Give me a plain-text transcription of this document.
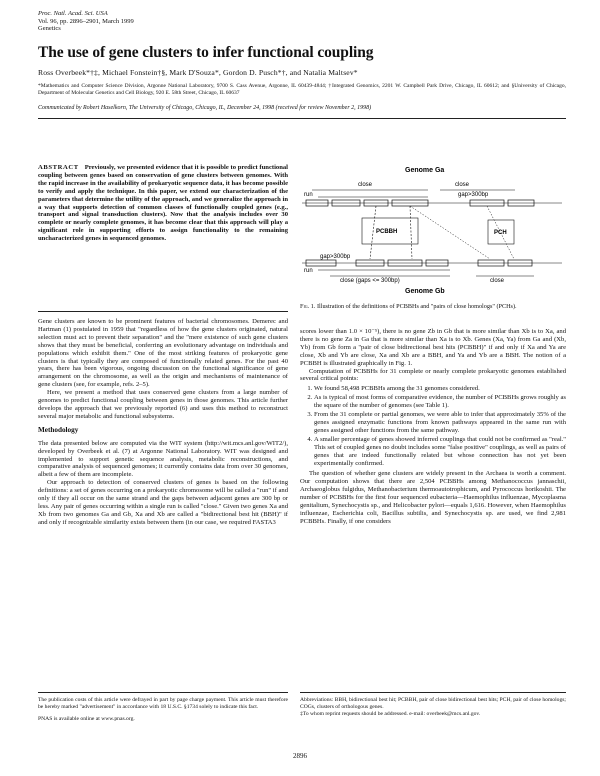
Proc. Natl. Acad. Sci. USA
Vol. 96, pp. 2896–2901, March 1999
Genetics
The use of gene clusters to infer functional coupling
Ross Overbeek*†‡, Michael Fonstein†§, Mark D'Souza*, Gordon D. Pusch*†, and Natalia Maltsev*
*Mathematics and Computer Science Division, Argonne National Laboratory, 9700 S. Cass Avenue, Argonne, IL 60439-4844; †Integrated Genomics, 2201 W. Campbell Park Drive, Chicago, IL 60612; and §University of Chicago, Department of Molecular Genetics and Cell Biology, 920 E. 58th Street, Chicago, IL 60637
Communicated by Robert Haselkorn, The University of Chicago, Chicago, IL, December 24, 1998 (received for review November 2, 1998)
ABSTRACT Previously, we presented evidence that it is possible to predict functional coupling between genes based on conservation of gene clusters between genomes. With the rapid increase in the availability of prokaryotic sequence data, it has become possible to verify and apply the technique. In this paper, we extend our characterization of the parameters that determine the utility of the approach, and we generalize the approach in a way that supports detection of common classes of functionally coupled genes (e.g., transport and signal transduction clusters). Now that the analysis includes over 30 complete or nearly complete genomes, it has become clear that this approach will play a significant role in supporting efforts to assign functionality to the remaining uncharacterized genes in sequenced genomes.

Gene clusters are known to be prominent features of bacterial chromosomes. Demerec and Hartman (1) postulated in 1959 that "regardless of how the gene clusters originated, natural selection must act to prevent their separation" and the "mere existence of such gene clusters shows that they must be beneficial, conferring an evolutionary advantage on individuals and populations which exhibit them." One of the most striking features of prokaryotic gene clusters is that typically they are composed of functionally related genes. For the past 40 years, there has been vigorous, ongoing discussion on the functional significance of gene arrangement on the chromosome, as well as the origin and mechanisms of maintenance of gene clusters (see, for example, refs. 2–5).

Here, we present a method that uses conserved gene clusters from a large number of genomes to predict functional coupling between genes in those genomes. This article further develops the approach that we previously reported (6) and uses this method to reconstruct several major metabolic and functional subsystems.

Methodology

The data presented below are computed via the WIT system (http://wit.mcs.anl.gov/WIT2/), developed by Overbeek et al. (7) at Argonne National Laboratory. WIT was designed and implemented to support genetic sequence analysis, metabolic reconstructions, and comparative analysis of sequenced genomes; it currently contains data from over 30 genomes, albeit a few of them are incomplete.

Our approach to detection of conserved clusters of genes is based on the following definitions: a set of genes occurring on a prokaryotic chromosome will be called a "run" if and only if they all occur on the same strand and the gaps between adjacent genes are 300 bp or less. Any pair of genes occurring within a single run is called "close." Given two genes Xa and Xb from two genomes Ga and Gb, Xa and Xb are called a "bidirectional best hit (BBH)" if and only if recognizable similarity exists between them (in our case, we required FASTA3

Genome Ga
close	close
run	gap>300bp
PCBBH	PCH
gap>300bp
run
close (gaps <= 300bp)	close
Genome Gb
Fig. 1. Illustration of the definitions of PCBBHs and "pairs of close homologs" (PCHs).

scores lower than 1.0 × 10⁻⁵), there is no gene Zb in Gb that is more similar than Xb is to Xa, and there is no gene Za in Ga that is more similar than Xa is to Xb. Genes (Xa, Ya) from Ga and (Xb, Yb) from Gb form a "pair of close bidirectional best hits (PCBBH)" if and only if Xa and Ya are close, Xb and Yb are close, Xa and Xb are a BBH, and Ya and Yb are a BBH. The notion of a PCBBH is illustrated graphically in Fig. 1.

Computation of PCBBHs for 31 complete or nearly complete prokaryotic genomes established several critical points:

1. We found 58,498 PCBBHs among the 31 genomes considered.
2. As is typical of most forms of comparative evidence, the number of PCBBHs grows roughly as the square of the number of genomes (see Table 1).
3. From the 31 complete or partial genomes, we were able to infer that approximately 35% of the genes assigned enzymatic functions from known pathways appeared in the same run with genes assigned other functions from the same pathway.
4. A smaller percentage of genes showed inferred couplings that could not be confirmed as "real." This set of coupled genes no doubt includes some "false positive" couplings, as well as pairs of genes that are indeed functionally related but whose connection has not yet been experimentally confirmed.

The question of whether gene clusters are widely present in the Archaea is worth a comment. Our computation shows that there are 2,504 PCBBHs among Methanococcus jannaschii, Archaeoglobus fulgidus, Methanobacterium thermoautotrophicum, and Pyrococcus horikoshii. The number of PCBBHs for the first four sequenced eubacteria—Haemophilus influenzae, Mycoplasma genitalium, Synechocystis sp., and Helicobacter pylori—equals 1,616. However, when Haemophilus influenzae, Escherichia coli, Bacillus subtilis, and Synechocystis sp. are used, we find 2,981 PCBBHs. Finally, if one considers

The publication costs of this article were defrayed in part by page charge payment. This article must therefore be hereby marked "advertisement" in accordance with 18 U.S.C. §1734 solely to indicate this fact.
PNAS is available online at www.pnas.org.
Abbreviations: BBH, bidirectional best hit; PCBBH, pair of close bidirectional best hits; PCH, pair of close homologs; COGs, clusters of orthologous genes.
‡To whom reprint requests should be addressed. e-mail: overbeek@mcs.anl.gov.
2896
